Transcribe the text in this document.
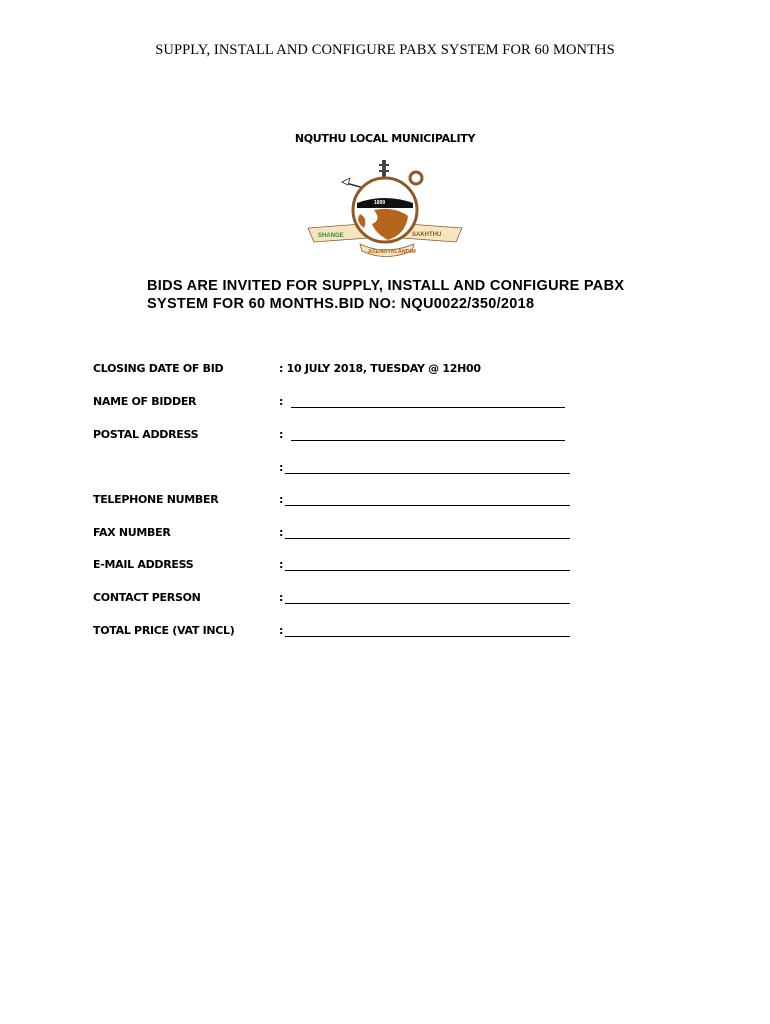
SUPPLY, INSTALL AND CONFIGURE PABX SYSTEM FOR 60 MONTHS
NQUTHU LOCAL MUNICIPALITY
SHANGE	SAKHTHU
ASENDYALANDIM
1899
BIDS ARE INVITED FOR SUPPLY, INSTALL AND CONFIGURE PABX
SYSTEM FOR 60 MONTHS.BID NO: NQU0022/350/2018
CLOSING DATE OF BID	: 10 JULY 2018, TUESDAY @ 12H00
NAME OF BIDDER	:
POSTAL ADDRESS	:
:
TELEPHONE NUMBER	:
FAX NUMBER	:
E-MAIL ADDRESS	:
CONTACT PERSON	:
TOTAL PRICE (VAT INCL)	:
